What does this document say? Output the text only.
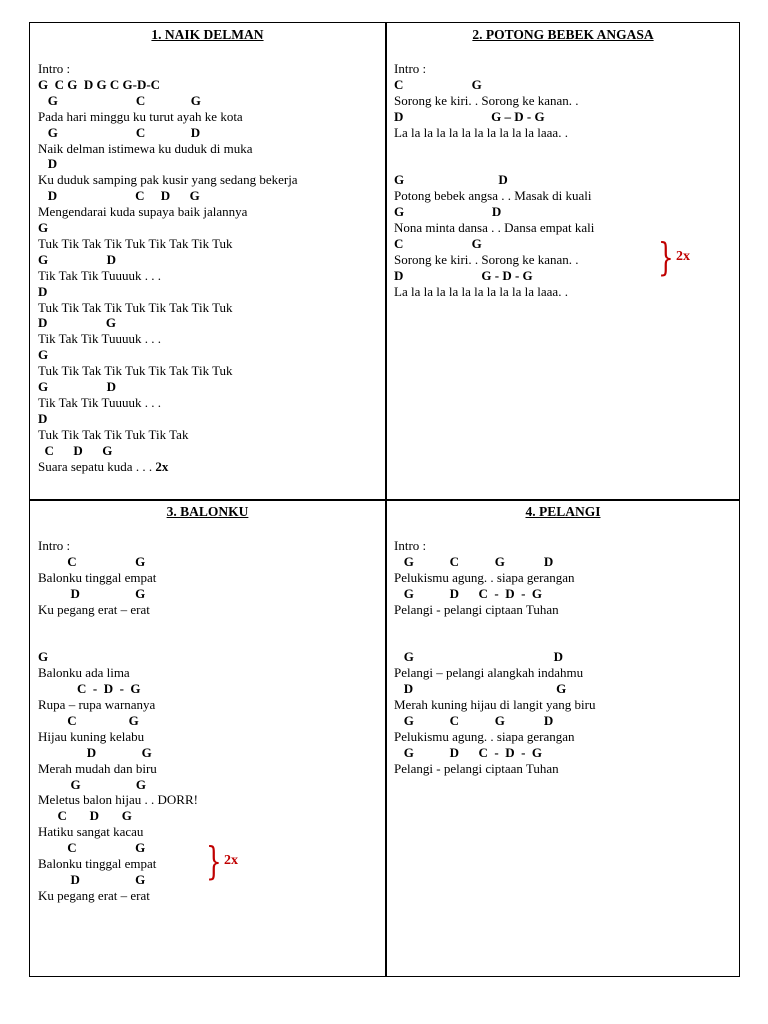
1. NAIK DELMAN
Intro :
G  C G  D G C G-D-C
G                        C              G
Pada hari minggu ku turut ayah ke kota
G                        C              D
Naik delman istimewa ku duduk di muka
D
Ku duduk samping pak kusir yang sedang bekerja
D                        C     D      G
Mengendarai kuda supaya baik jalannya
G
Tuk Tik Tak Tik Tuk Tik Tak Tik Tuk
G                  D
Tik Tak Tik Tuuuuk . . .
D
Tuk Tik Tak Tik Tuk Tik Tak Tik Tuk
D                  G
Tik Tak Tik Tuuuuk . . .
G
Tuk Tik Tak Tik Tuk Tik Tak Tik Tuk
G                  D
Tik Tak Tik Tuuuuk . . .
D
Tuk Tik Tak Tik Tuk Tik Tak
C      D      G
Suara sepatu kuda . . . 2x
2. POTONG BEBEK ANGASA
Intro :
C                     G
Sorong ke kiri. . Sorong ke kanan. .
D                           G – D - G
La la la la la la la la la la la laaa. .
G                             D
Potong bebek angsa . . Masak di kuali
G                           D
Nona minta dansa . . Dansa empat kali
C                     G
Sorong ke kiri. . Sorong ke kanan. .
D                        G - D - G
La la la la la la la la la la la laaa. .
} 2x
3. BALONKU
Intro :
C                  G
Balonku tinggal empat
D                 G
Ku pegang erat – erat
G
Balonku ada lima
C  -  D  -  G
Rupa – rupa warnanya
C                G
Hijau kuning kelabu
D              G
Merah mudah dan biru
G                 G
Meletus balon hijau . . DORR!
C       D       G
Hatiku sangat kacau
C                  G
Balonku tinggal empat
D                 G
Ku pegang erat – erat
} 2x
4. PELANGI
Intro :
G           C           G            D
Pelukismu agung. . siapa gerangan
G           D      C  -  D  -  G
Pelangi - pelangi ciptaan Tuhan
G                                           D
Pelangi – pelangi alangkah indahmu
D                                            G
Merah kuning hijau di langit yang biru
G           C           G            D
Pelukismu agung. . siapa gerangan
G           D      C  -  D  -  G
Pelangi - pelangi ciptaan Tuhan
